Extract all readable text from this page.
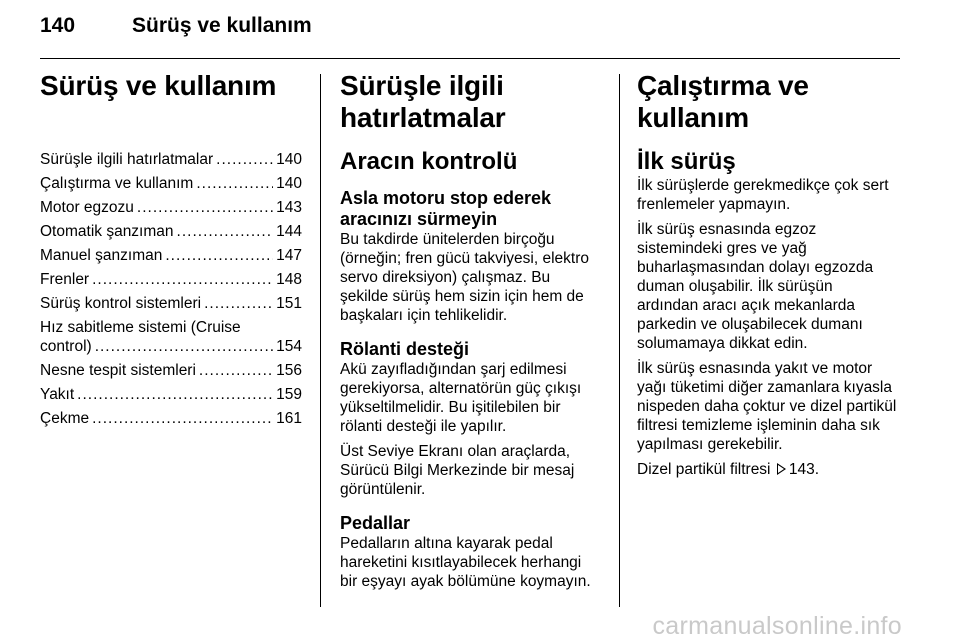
140	Sürüş ve kullanım
Sürüş ve kullanım
Sürüşle ilgili hatırlatmalar .....	140
Çalıştırma ve kullanım .....	140
Motor egzozu .....	143
Otomatik şanzıman .....	144
Manuel şanzıman .....	147
Frenler .....	148
Sürüş kontrol sistemleri .....	151
Hız sabitleme sistemi (Cruise
control) .....	154
Nesne tespit sistemleri .....	156
Yakıt .....	159
Çekme .....	161
Sürüşle ilgili
hatırlatmalar
Aracın kontrolü
Asla motoru stop ederek
aracınızı sürmeyin

Bu takdirde ünitelerden birçoğu
(örneğin; fren gücü takviyesi, elektro
servo direksiyon) çalışmaz. Bu
şekilde sürüş hem sizin için hem de
başkaları için tehlikelidir.

Rölanti desteği

Akü zayıfladığından şarj edilmesi
gerekiyorsa, alternatörün güç çıkışı
yükseltilmelidir. Bu işitilebilen bir
rölanti desteği ile yapılır.

Üst Seviye Ekranı olan araçlarda,
Sürücü Bilgi Merkezinde bir mesaj
görüntülenir.

Pedallar

Pedalların altına kayarak pedal
hareketini kısıtlayabilecek herhangi
bir eşyayı ayak bölümüne koymayın.

Çalıştırma ve kullanım
İlk sürüş

İlk sürüşlerde gerekmedikçe çok sert
frenlemeler yapmayın.

İlk sürüş esnasında egzoz
sistemindeki gres ve yağ
buharlaşmasından dolayı egzozda
duman oluşabilir. İlk sürüşün
ardından aracı açık mekanlarda
parkedin ve oluşabilecek dumanı
solumamaya dikkat edin.

İlk sürüş esnasında yakıt ve motor
yağı tüketimi diğer zamanlara kıyasla
nispeden daha çoktur ve dizel partikül
filtresi temizleme işleminin daha sık
yapılması gerekebilir.

Dizel partikül filtresi 143.

carmanualsonline.info
